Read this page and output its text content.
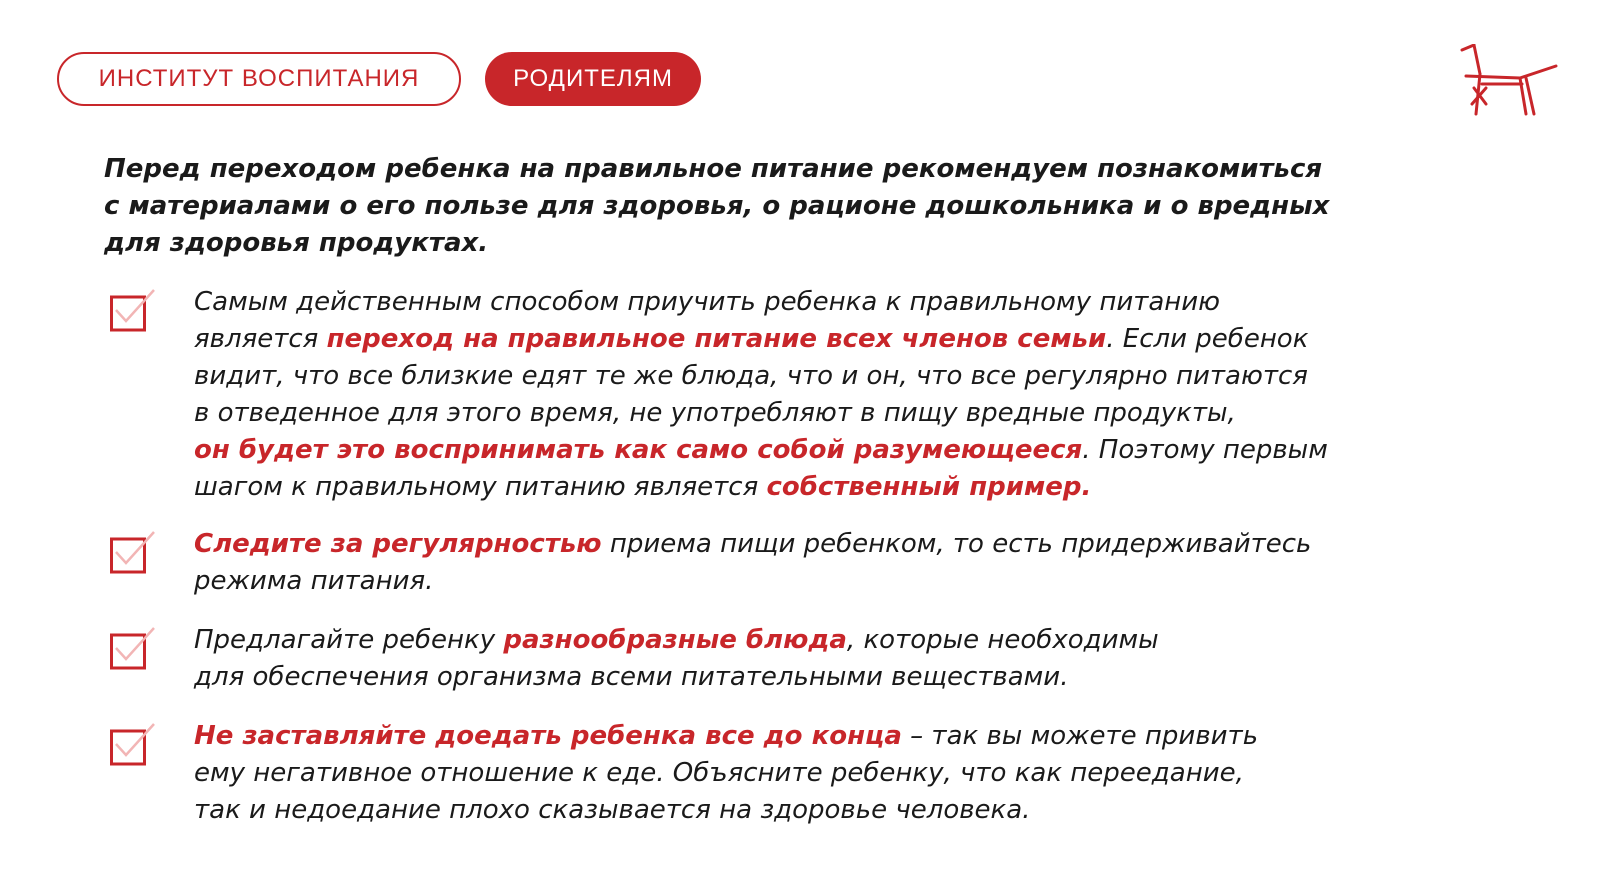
ИНСТИТУТ ВОСПИТАНИЯ	РОДИТЕЛЯМ
Перед переходом ребенка на правильное питание рекомендуем познакомиться
с материалами о его пользе для здоровья, о рационе дошкольника и о вредных
для здоровья продуктах.
Самым действенным способом приучить ребенка к правильному питанию
является переход на правильное питание всех членов семьи. Если ребенок
видит, что все близкие едят те же блюда, что и он, что все регулярно питаются
в отведенное для этого время, не употребляют в пищу вредные продукты,
он будет это воспринимать как само собой разумеющееся. Поэтому первым
шагом к правильному питанию является собственный пример.
Следите за регулярностью приема пищи ребенком, то есть придерживайтесь
режима питания.
Предлагайте ребенку разнообразные блюда, которые необходимы
для обеспечения организма всеми питательными веществами.
Не заставляйте доедать ребенка все до конца – так вы можете привить
ему негативное отношение к еде. Объясните ребенку, что как переедание,
так и недоедание плохо сказывается на здоровье человека.
